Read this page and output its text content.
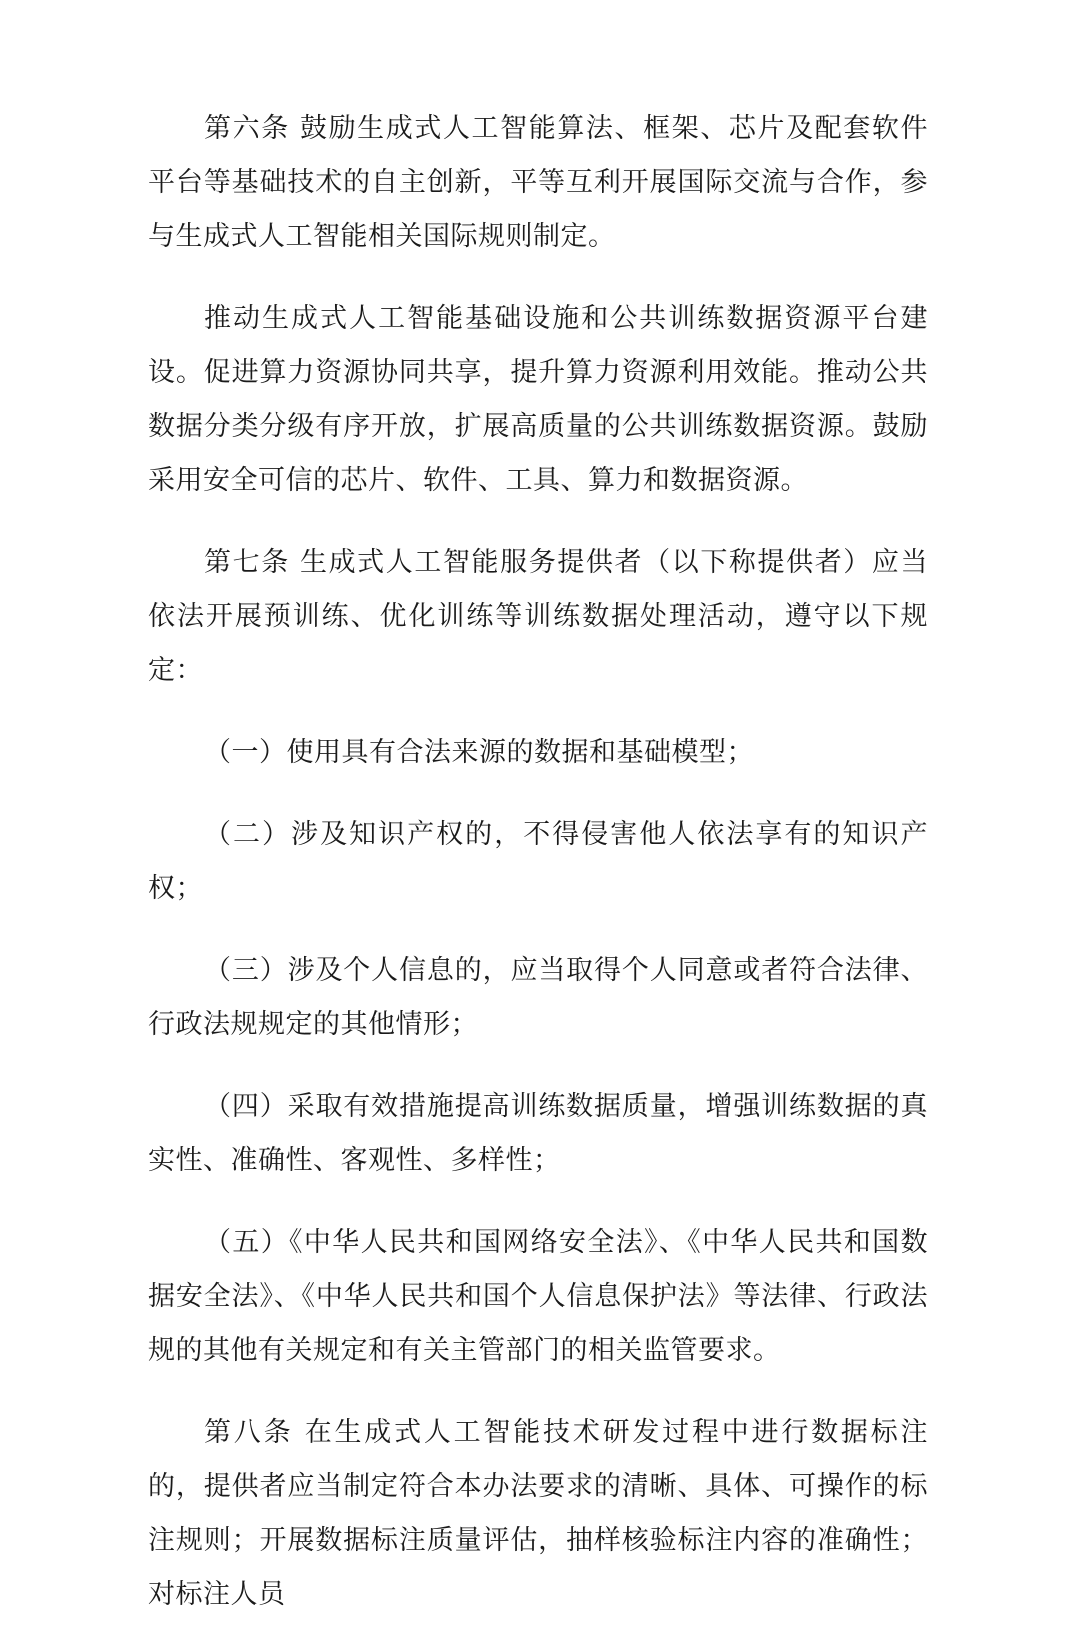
第六条 鼓励生成式人工智能算法、框架、芯片及配套软件平台等基础技术的自主创新，平等互利开展国际交流与合作，参与生成式人工智能相关国际规则制定。

推动生成式人工智能基础设施和公共训练数据资源平台建设。促进算力资源协同共享，提升算力资源利用效能。推动公共数据分类分级有序开放，扩展高质量的公共训练数据资源。鼓励采用安全可信的芯片、软件、工具、算力和数据资源。

第七条 生成式人工智能服务提供者（以下称提供者）应当依法开展预训练、优化训练等训练数据处理活动，遵守以下规定：

（一）使用具有合法来源的数据和基础模型；

（二）涉及知识产权的，不得侵害他人依法享有的知识产权；

（三）涉及个人信息的，应当取得个人同意或者符合法律、行政法规规定的其他情形；

（四）采取有效措施提高训练数据质量，增强训练数据的真实性、准确性、客观性、多样性；

（五）《中华人民共和国网络安全法》、《中华人民共和国数据安全法》、《中华人民共和国个人信息保护法》等法律、行政法规的其他有关规定和有关主管部门的相关监管要求。

第八条 在生成式人工智能技术研发过程中进行数据标注的，提供者应当制定符合本办法要求的清晰、具体、可操作的标注规则；开展数据标注质量评估，抽样核验标注内容的准确性；对标注人员
